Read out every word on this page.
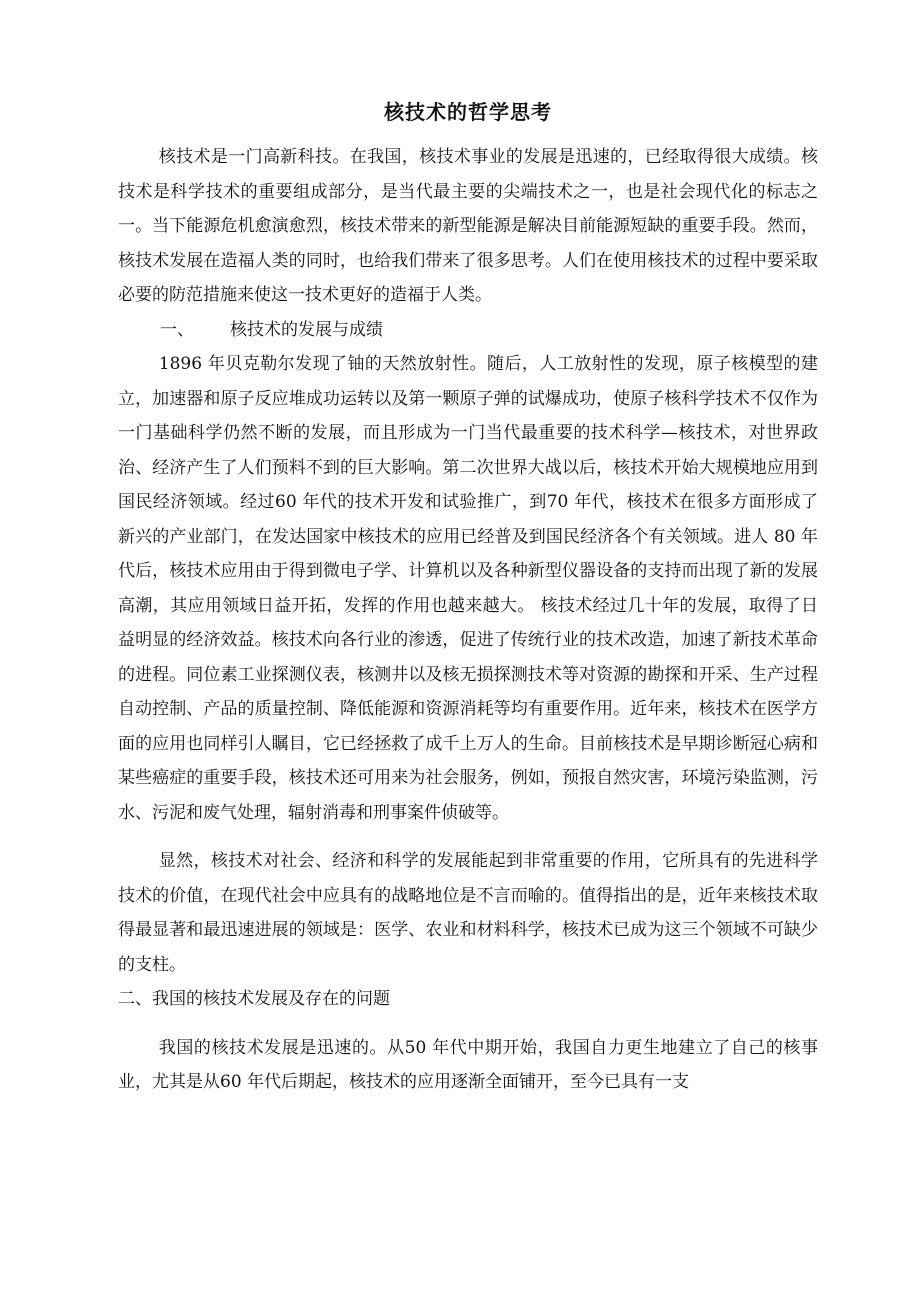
核技术的哲学思考

核技术是一门高新科技。在我国，核技术事业的发展是迅速的，已经取得很大成绩。核技术是科学技术的重要组成部分，是当代最主要的尖端技术之一，也是社会现代化的标志之一。当下能源危机愈演愈烈，核技术带来的新型能源是解决目前能源短缺的重要手段。然而，核技术发展在造福人类的同时，也给我们带来了很多思考。人们在使用核技术的过程中要采取必要的防范措施来使这一技术更好的造福于人类。

一、 核技术的发展与成绩

1896 年贝克勒尔发现了铀的天然放射性。随后，人工放射性的发现，原子核模型的建立，加速器和原子反应堆成功运转以及第一颗原子弹的试爆成功，使原子核科学技术不仅作为一门基础科学仍然不断的发展，而且形成为一门当代最重要的技术科学—核技术，对世界政治、经济产生了人们预料不到的巨大影响。第二次世界大战以后，核技术开始大规模地应用到国民经济领域。经过60 年代的技术开发和试验推广，到70 年代，核技术在很多方面形成了新兴的产业部门，在发达国家中核技术的应用已经普及到国民经济各个有关领域。进人 80 年代后，核技术应用由于得到微电子学、计算机以及各种新型仪器设备的支持而出现了新的发展高潮，其应用领域日益开拓，发挥的作用也越来越大。 核技术经过几十年的发展，取得了日益明显的经济效益。核技术向各行业的渗透，促进了传统行业的技术改造，加速了新技术革命的进程。同位素工业探测仪表，核测井以及核无损探测技术等对资源的勘探和开采、生产过程自动控制、产品的质量控制、降低能源和资源消耗等均有重要作用。近年来，核技术在医学方面的应用也同样引人瞩目，它已经拯救了成千上万人的生命。目前核技术是早期诊断冠心病和某些癌症的重要手段，核技术还可用来为社会服务，例如，预报自然灾害，环境污染监测，污水、污泥和废气处理，辐射消毒和刑事案件侦破等。

显然，核技术对社会、经济和科学的发展能起到非常重要的作用，它所具有的先进科学技术的价值，在现代社会中应具有的战略地位是不言而喻的。值得指出的是，近年来核技术取得最显著和最迅速进展的领域是：医学、农业和材料科学，核技术已成为这三个领域不可缺少的支柱。

二、我国的核技术发展及存在的问题

我国的核技术发展是迅速的。从50 年代中期开始，我国自力更生地建立了自己的核事业，尤其是从60 年代后期起，核技术的应用逐渐全面铺开，至今已具有一支
